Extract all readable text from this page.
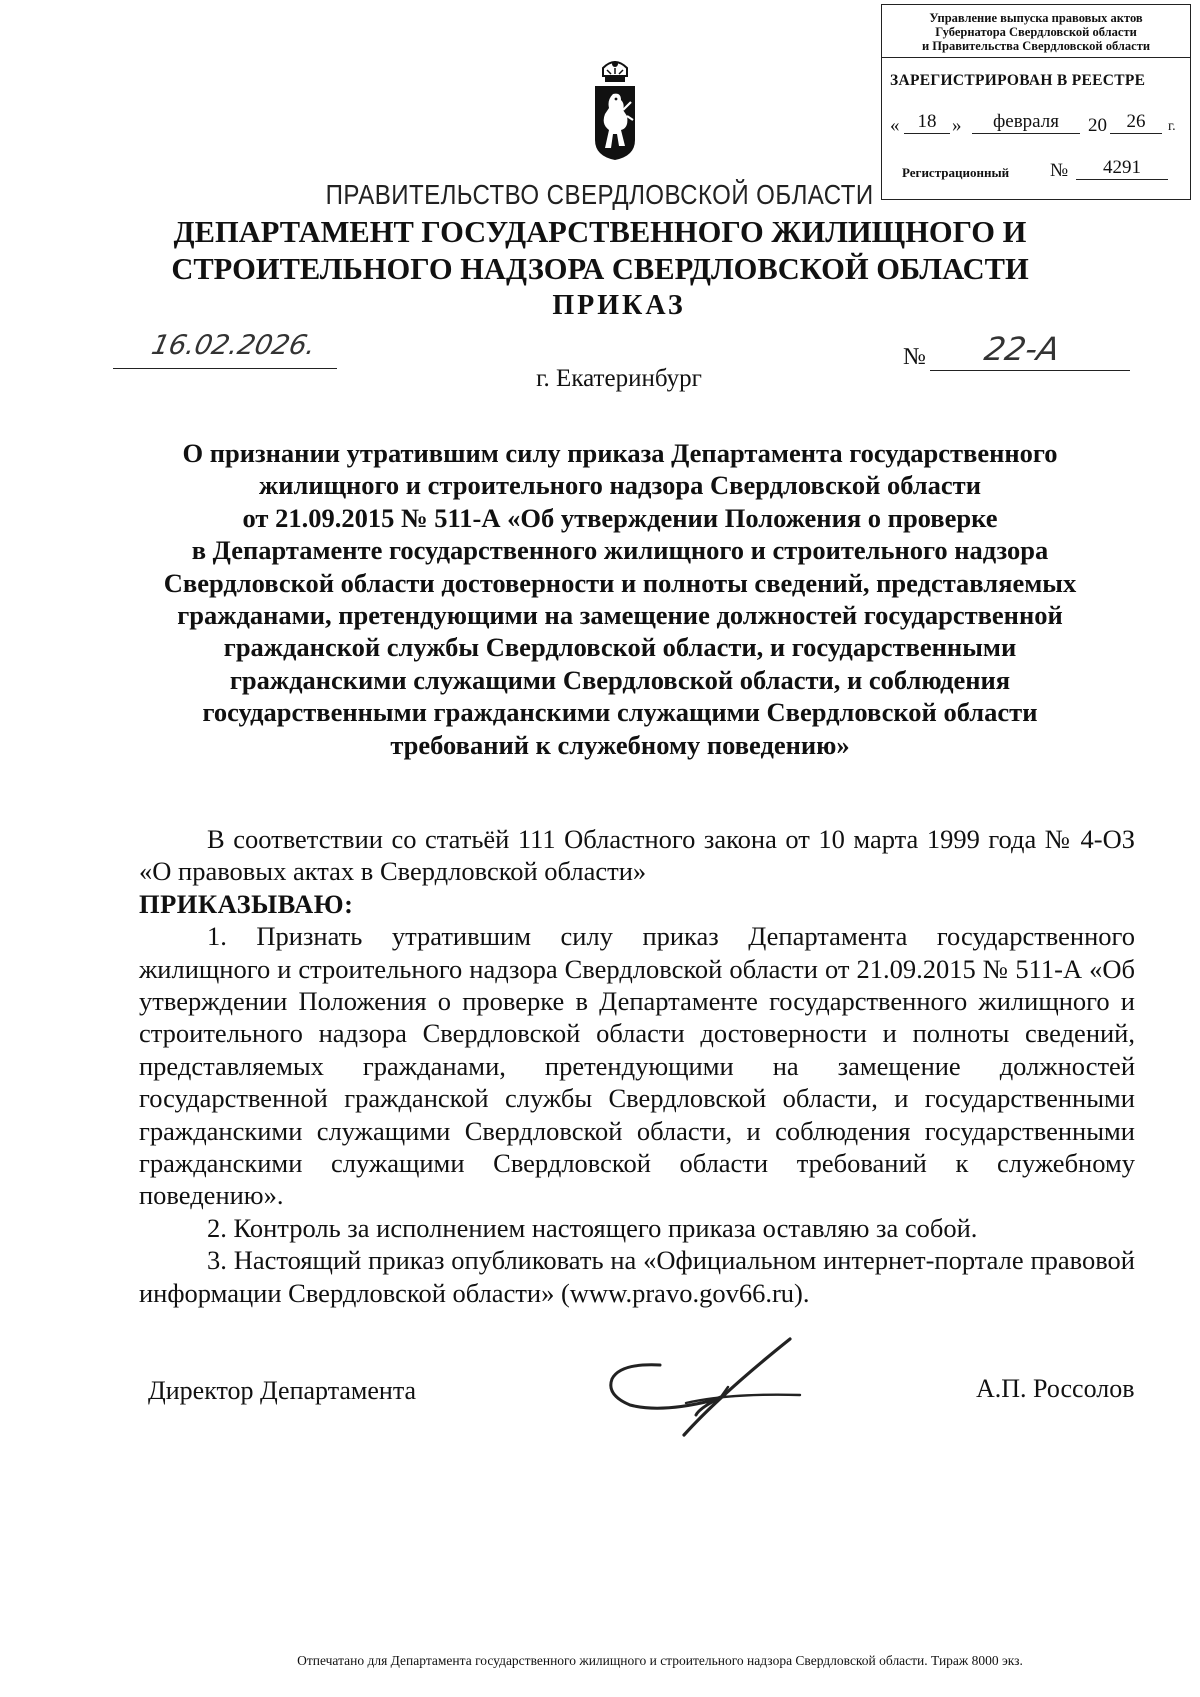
Управление выпуска правовых актов
Губернатора Свердловской области
и Правительства Свердловской области
ЗАРЕГИСТРИРОВАН В РЕЕСТРЕ
« 18 »	февраля	20	26	г.
Регистрационный №	4291
ПРАВИТЕЛЬСТВО СВЕРДЛОВСКОЙ ОБЛАСТИ
ДЕПАРТАМЕНТ ГОСУДАРСТВЕННОГО ЖИЛИЩНОГО И
СТРОИТЕЛЬНОГО НАДЗОРА СВЕРДЛОВСКОЙ ОБЛАСТИ
ПРИКАЗ
16.02.2026.	№ 22-А
г. Екатеринбург
О признании утратившим силу приказа Департамента государственного
жилищного и строительного надзора Свердловской области
от 21.09.2015 № 511-А «Об утверждении Положения о проверке
в Департаменте государственного жилищного и строительного надзора
Свердловской области достоверности и полноты сведений, представляемых
гражданами, претендующими на замещение должностей государственной
гражданской службы Свердловской области, и государственными
гражданскими служащими Свердловской области, и соблюдения
государственными гражданскими служащими Свердловской области
требований к служебному поведению»

В соответствии со статьёй 111 Областного закона от 10 марта 1999 года № 4-ОЗ «О правовых актах в Свердловской области»

ПРИКАЗЫВАЮ:

1. Признать утратившим силу приказ Департамента государственного жилищного и строительного надзора Свердловской области от 21.09.2015 № 511-А «Об утверждении Положения о проверке в Департаменте государственного жилищного и строительного надзора Свердловской области достоверности и полноты сведений, представляемых гражданами, претендующими на замещение должностей государственной гражданской службы Свердловской области, и государственными гражданскими служащими Свердловской области, и соблюдения государственными гражданскими служащими Свердловской области требований к служебному поведению».

2. Контроль за исполнением настоящего приказа оставляю за собой.

3. Настоящий приказ опубликовать на «Официальном интернет-портале правовой информации Свердловской области» (www.pravo.gov66.ru).

Директор Департамента	А.П. Россолов
Отпечатано для Департамента государственного жилищного и строительного надзора Свердловской области. Тираж 8000 экз.
